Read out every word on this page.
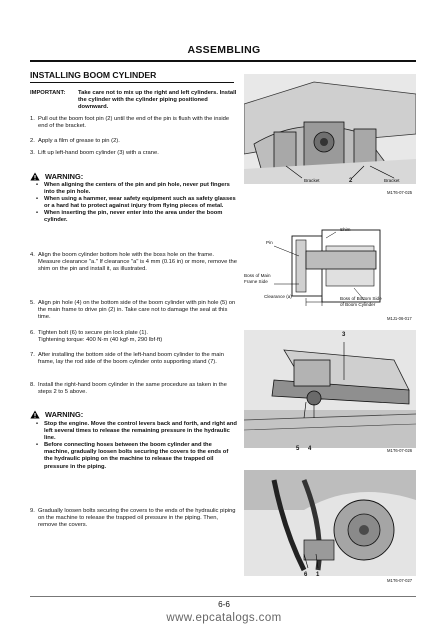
ASSEMBLING
INSTALLING BOOM CYLINDER
IMPORTANT:	Take care not to mix up the right and left cylinders. Install the cylinder with the cylinder piping positioned downward.
1. Pull out the boom foot pin (2) until the end of the pin is flush with the inside end of the bracket.
2. Apply a film of grease to pin (2).
3. Lift up left-hand boom cylinder (3) with a crane.
WARNING:
• When aligning the centers of the pin and pin hole, never put fingers into the pin hole.
• When using a hammer, wear safety equipment such as safety glasses or a hard hat to protect against injury from flying pieces of metal.
• When inserting the pin, never enter into the area under the boom cylinder.
4. Align the boom cylinder bottom hole with the boss hole on the frame. Measure clearance "a." If clearance "a" is 4 mm (0.16 in) or more, remove the shim on the pin and install it, as illustrated.
5. Align pin hole (4) on the bottom side of the boom cylinder with pin hole (5) on the main frame to drive pin (2) in. Take care not to damage the seal at this time.
6. Tighten bolt (6) to secure pin lock plate (1).
Tightening torque: 400 N·m (40 kgf·m, 290 lbf·ft)
7. After installing the bottom side of the left-hand boom cylinder to the main frame, lay the rod side of the boom cylinder onto supporting stand (7).
8. Install the right-hand boom cylinder in the same procedure as taken in the steps 2 to 5 above.
WARNING:
• Stop the engine. Move the control levers back and forth, and right and left several times to release the remaining pressure in the hydraulic line.
• Before connecting hoses between the boom cylinder and the machine, gradually loosen bolts securing the covers to the ends of the hydraulic piping on the machine to release the trapped oil pressure in the piping.
9. Gradually loosen bolts securing the covers to the ends of the hydraulic piping on the machine to release the trapped oil pressure in the piping. Then, remove the covers.
Bracket	2	Bracket
M1T6-07-025
Shim
Pin
Boss of Main
Frame Side
Clearance (a)	Boss of Bottom Side
of Boom Cylinder
M1J1-06-017
3
5 4	M1T6-07-026
6 1
M1T6-07-027
6-6
www.epcatalogs.com
